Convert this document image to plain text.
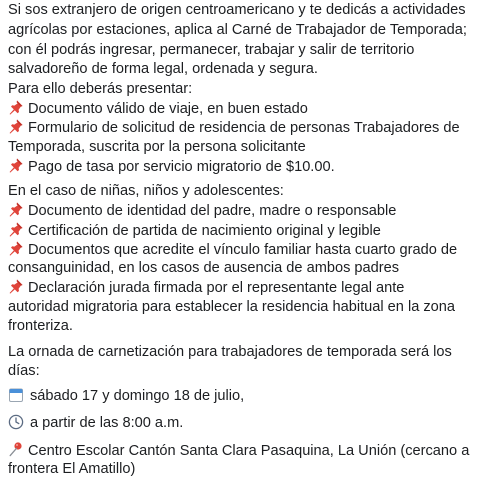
Si sos extranjero de origen centroamericano y te dedicás a actividades
agrícolas por estaciones, aplica al Carné de Trabajador de Temporada;
con él podrás ingresar, permanecer, trabajar y salir de territorio
salvadoreño de forma legal, ordenada y segura.
Para ello deberás presentar:
Documento válido de viaje, en buen estado
Formulario de solicitud de residencia de personas Trabajadores de
Temporada, suscrita por la persona solicitante
Pago de tasa por servicio migratorio de $10.00.
En el caso de niñas, niños y adolescentes:
Documento de identidad del padre, madre o responsable
Certificación de partida de nacimiento original y legible
Documentos que acredite el vínculo familiar hasta cuarto grado de
consanguinidad, en los casos de ausencia de ambos padres
Declaración jurada firmada por el representante legal ante
autoridad migratoria para establecer la residencia habitual en la zona
fronteriza.
La ornada de carnetización para trabajadores de temporada será los
días:
sábado 17 y domingo 18 de julio,
a partir de las 8:00 a.m.
Centro Escolar Cantón Santa Clara Pasaquina, La Unión (cercano a
frontera El Amatillo)
